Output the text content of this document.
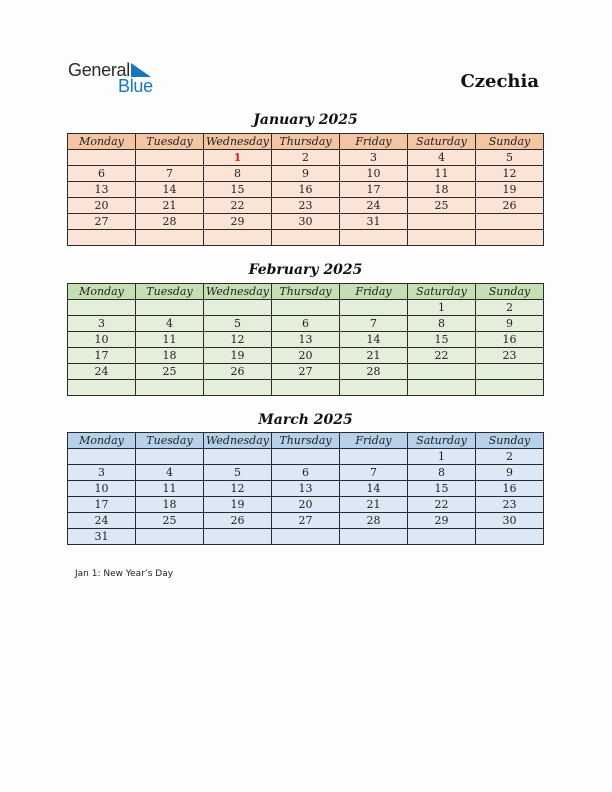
General
Blue	Czechia
January 2025
Monday	Tuesday	Wednesday	Thursday	Friday	Saturday	Sunday
		1	2	3	4	5
6	7	8	9	10	11	12
13	14	15	16	17	18	19
20	21	22	23	24	25	26
27	28	29	30	31		

February 2025
Monday	Tuesday	Wednesday	Thursday	Friday	Saturday	Sunday
					1	2
3	4	5	6	7	8	9
10	11	12	13	14	15	16
17	18	19	20	21	22	23
24	25	26	27	28		

March 2025
Monday	Tuesday	Wednesday	Thursday	Friday	Saturday	Sunday
					1	2
3	4	5	6	7	8	9
10	11	12	13	14	15	16
17	18	19	20	21	22	23
24	25	26	27	28	29	30
31						
Jan 1: New Year’s Day
